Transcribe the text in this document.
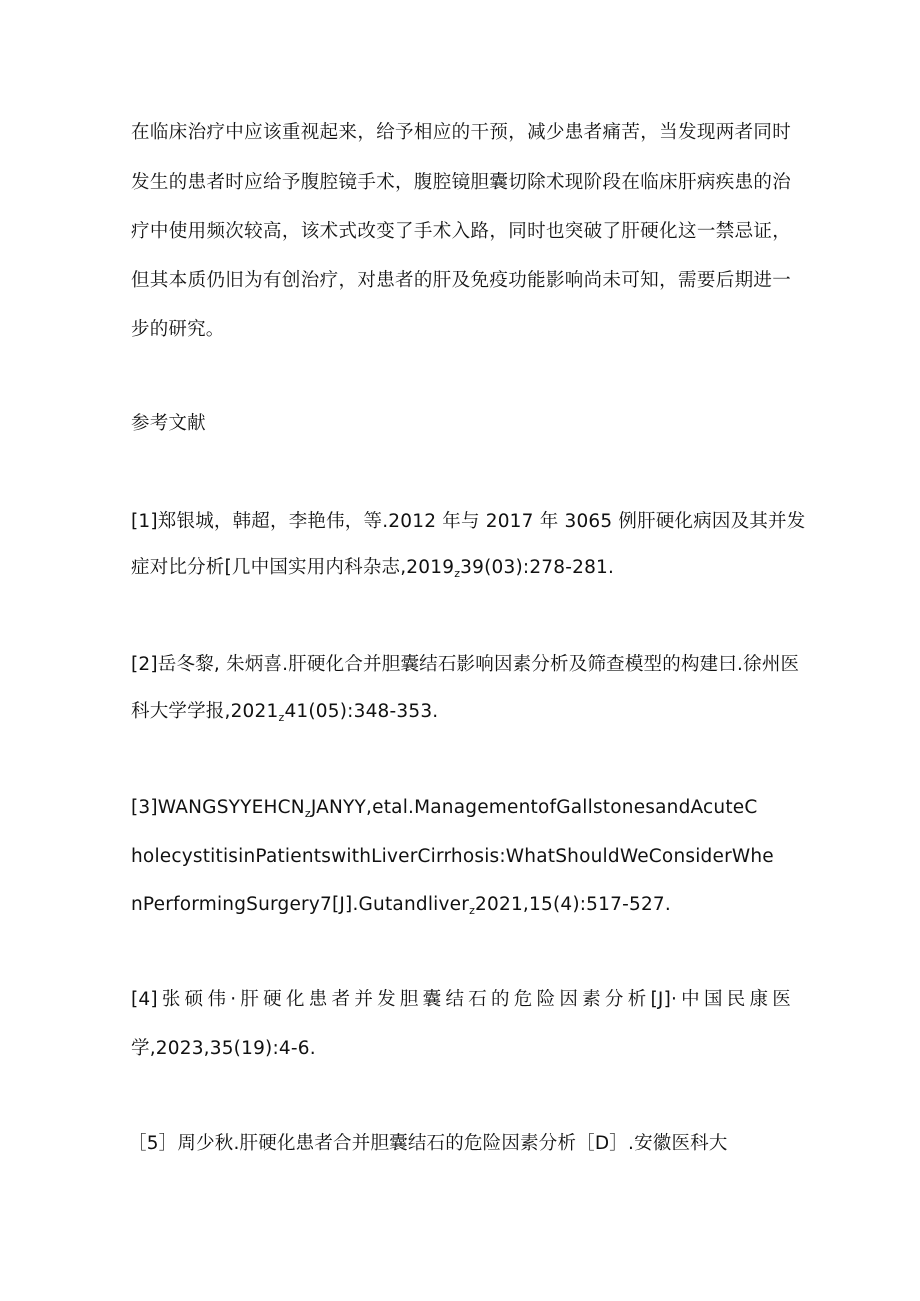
在临床治疗中应该重视起来，给予相应的干预，减少患者痛苦，当发现两者同时
发生的患者时应给予腹腔镜手术，腹腔镜胆囊切除术现阶段在临床肝病疾患的治
疗中使用频次较高，该术式改变了手术入路，同时也突破了肝硬化这一禁忌证，
但其本质仍旧为有创治疗，对患者的肝及免疫功能影响尚未可知，需要后期进一
步的研究。
参考文献
[1]郑银城，韩超，李艳伟，等.2012 年与 2017 年 3065 例肝硬化病因及其并发
症对比分析[几中国实用内科杂志$,2019_z39(03):278-281$.
[2]岳冬黎, 朱炳喜.肝硬化合并胆囊结石影响因素分析及筛查模型的构建曰.徐州医
科大学学报$,2021_z41(05):348-353$.
$[3]WANGSYYEHCN_zJANYY,etal.ManagementofGallstonesandAcuteC$
holecystitisinPatientswithLiverCirrhosis:WhatShouldWeConsiderWhe
nPerformingSurgery7[J].Gutandliver$_z$2021,15(4):517-527.
[4]张硕伟·肝硬化患者并发胆囊结石的危险因素分析[J]·中国民康医
学,2023,35(19):4-6.
［5］周少秋.肝硬化患者合并胆囊结石的危险因素分析［D］.安徽医科大
